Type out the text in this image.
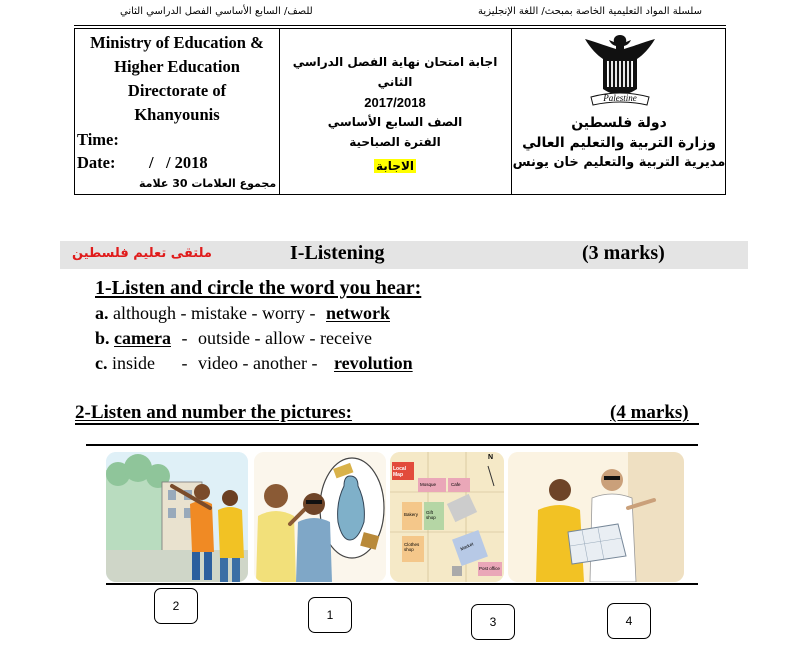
سلسلة المواد التعليمية الخاصة بمبحث/ اللغة الإنجليزية
للصف/ السابع الأساسي الفصل الدراسي الثاني
Ministry of Education &
Higher Education
Directorate of
Khanyounis
Time:
Date: /   / 2018
مجموع العلامات 30 علامة
اجابة امتحان نهاية الفصل الدراسي
الثاني
2017/2018
الصف السابع الأساسي
الفترة الصباحية
الاجابة
Palestine
دولة فلسطين
وزارة التربية والتعليم العالي
مديرية التربية والتعليم خان يونس
ملتقى تعليم فلسطين	I-Listening	(3 marks)
1-Listen and circle the word you hear:
a. although - mistake - worry - network
b. camera - outside - allow - receive
c. inside - video - another - revolution
2-Listen and number the pictures:	(4 marks)
Local Map
Mosque	Cafe
Bakery Gift shop
Clothes shop	Market
Post office
N
2
1	3	4
